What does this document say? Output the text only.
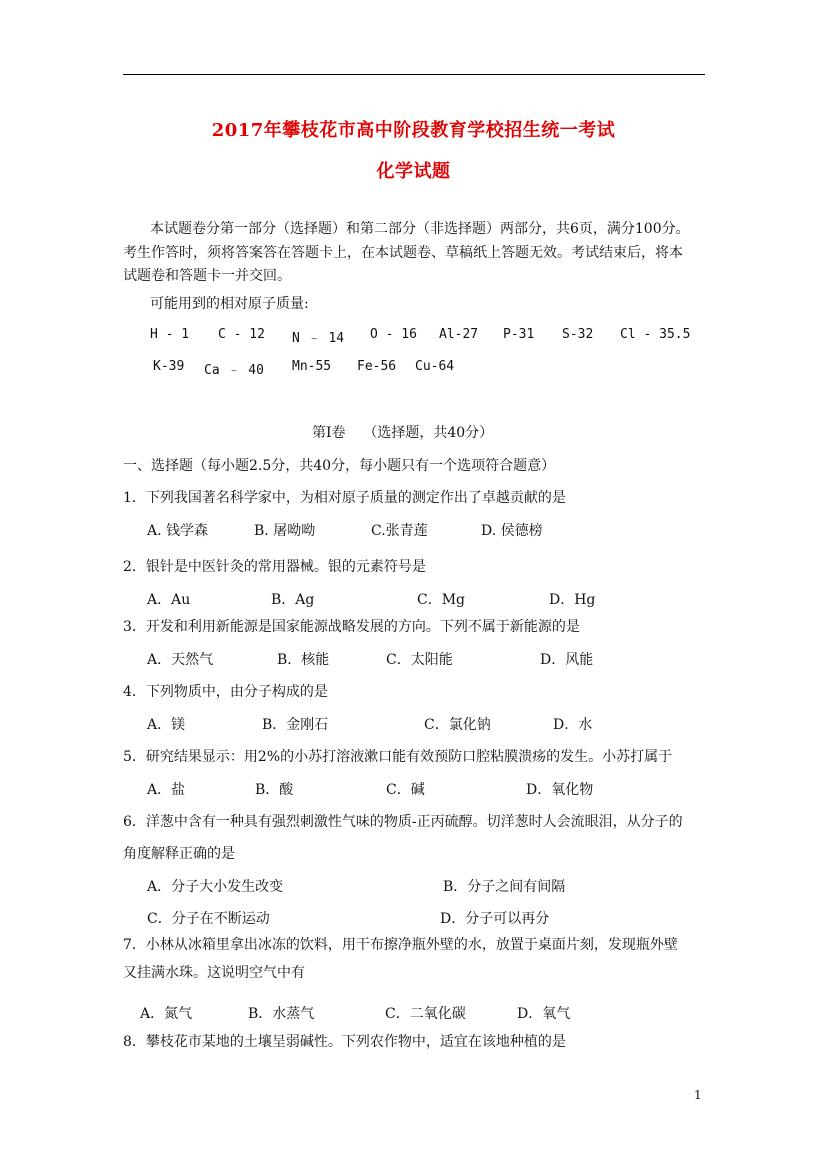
2017年攀枝花市高中阶段教育学校招生统一考试
化学试题
本试题卷分第一部分（选择题）和第二部分（非选择题）两部分，共6页，满分100分。
考生作答时，须将答案答在答题卡上，在本试题卷、草稿纸上答题无效。考试结束后，将本
试题卷和答题卡一并交回。
可能用到的相对原子质量:
H - 1 C - 12 N ﹣ 14 O - 16 Al-27 P-31 S-32 Cl - 35.5
K-39 Ca ﹣ 40 Mn-55 Fe-56 Cu-64
第Ⅰ卷    （选择题，共40分）
一、选择题（每小题2.5分，共40分，每小题只有一个选项符合题意）
1．下列我国著名科学家中，为相对原子质量的测定作出了卓越贡献的是
A. 钱学森	B. 屠呦呦	C.张青莲	D. 侯德榜
2．银针是中医针灸的常用器械。银的元素符号是
A．Au	B．Ag	C．Mg	D．Hg
3．开发和利用新能源是国家能源战略发展的方向。下列不属于新能源的是
A．天然气	B．核能	C．太阳能	D．风能
4．下列物质中，由分子构成的是
A．镁	B．金刚石	C．氯化钠	D．水
5．研究结果显示：用2%的小苏打溶液漱口能有效预防口腔粘膜溃疡的发生。小苏打属于
A．盐	B．酸	C．碱	D．氧化物
6．洋葱中含有一种具有强烈刺激性气味的物质-正丙硫醇。切洋葱时人会流眼泪，从分子的
角度解释正确的是
A．分子大小发生改变	B．分子之间有间隔
C．分子在不断运动	D．分子可以再分
7．小林从冰箱里拿出冰冻的饮料，用干布擦净瓶外壁的水，放置于桌面片刻，发现瓶外壁
又挂满水珠。这说明空气中有
A．氮气	B．水蒸气	C．二氧化碳	D．氧气
8．攀枝花市某地的土壤呈弱碱性。下列农作物中，适宜在该地种植的是
1
